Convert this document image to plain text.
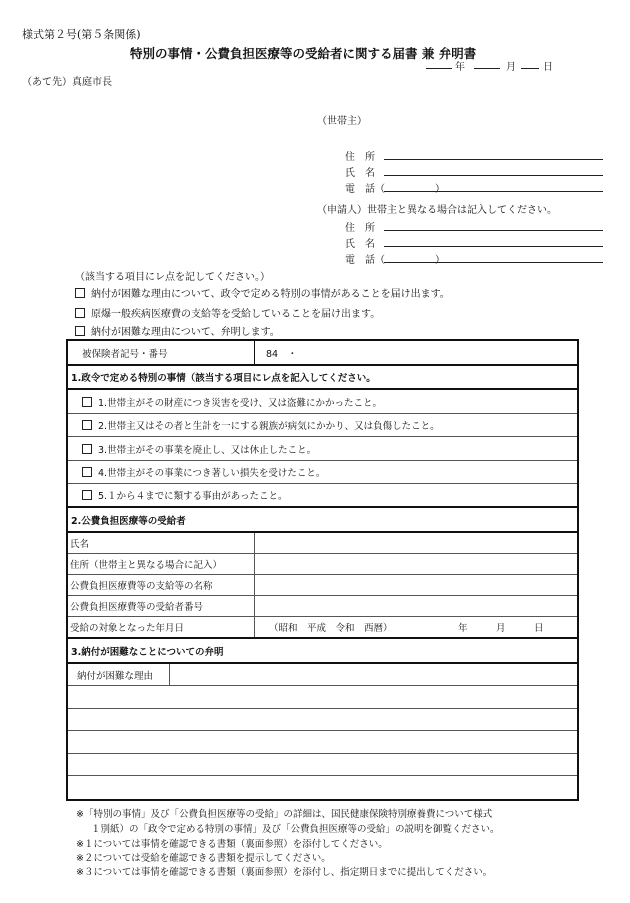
様式第２号(第５条関係)
特別の事情・公費負担医療等の受給者に関する届書 兼 弁明書
年	月	日
（あて先）真庭市長
（世帯主）
住　所
氏　名
電　話（　　　　　）
（申請人）世帯主と異なる場合は記入してください。
住　所
氏　名
電　話（　　　　　）
（該当する項目にレ点を記してください。）
納付が困難な理由について、政令で定める特別の事情があることを届け出ます。
原爆一般疾病医療費の支給等を受給していることを届け出ます。
納付が困難な理由について、弁明します。
被保険者記号・番号	84　・
1.政令で定める特別の事情（該当する項目にレ点を記入してください。
1.世帯主がその財産につき災害を受け、又は盗難にかかったこと。
2.世帯主又はその者と生計を一にする親族が病気にかかり、又は負傷したこと。
3.世帯主がその事業を廃止し、又は休止したこと。
4.世帯主がその事業につき著しい損失を受けたこと。
5.１から４までに類する事由があったこと。
2.公費負担医療等の受給者
氏名
住所（世帯主と異なる場合に記入）
公費負担医療費等の支給等の名称
公費負担医療費等の受給者番号
受給の対象となった年月日	（昭和　平成　令和　西暦）	年　　　月　　　日
3.納付が困難なことについての弁明
納付が困難な理由
※「特別の事情」及び「公費負担医療等の受給」の詳細は、国民健康保険特別療養費について様式
１別紙）の「政令で定める特別の事情」及び「公費負担医療等の受給」の説明を御覧ください。
※１については事情を確認できる書類（裏面参照）を添付してください。
※２については受給を確認できる書類を提示してください。
※３については事情を確認できる書類（裏面参照）を添付し、指定期日までに提出してください。
